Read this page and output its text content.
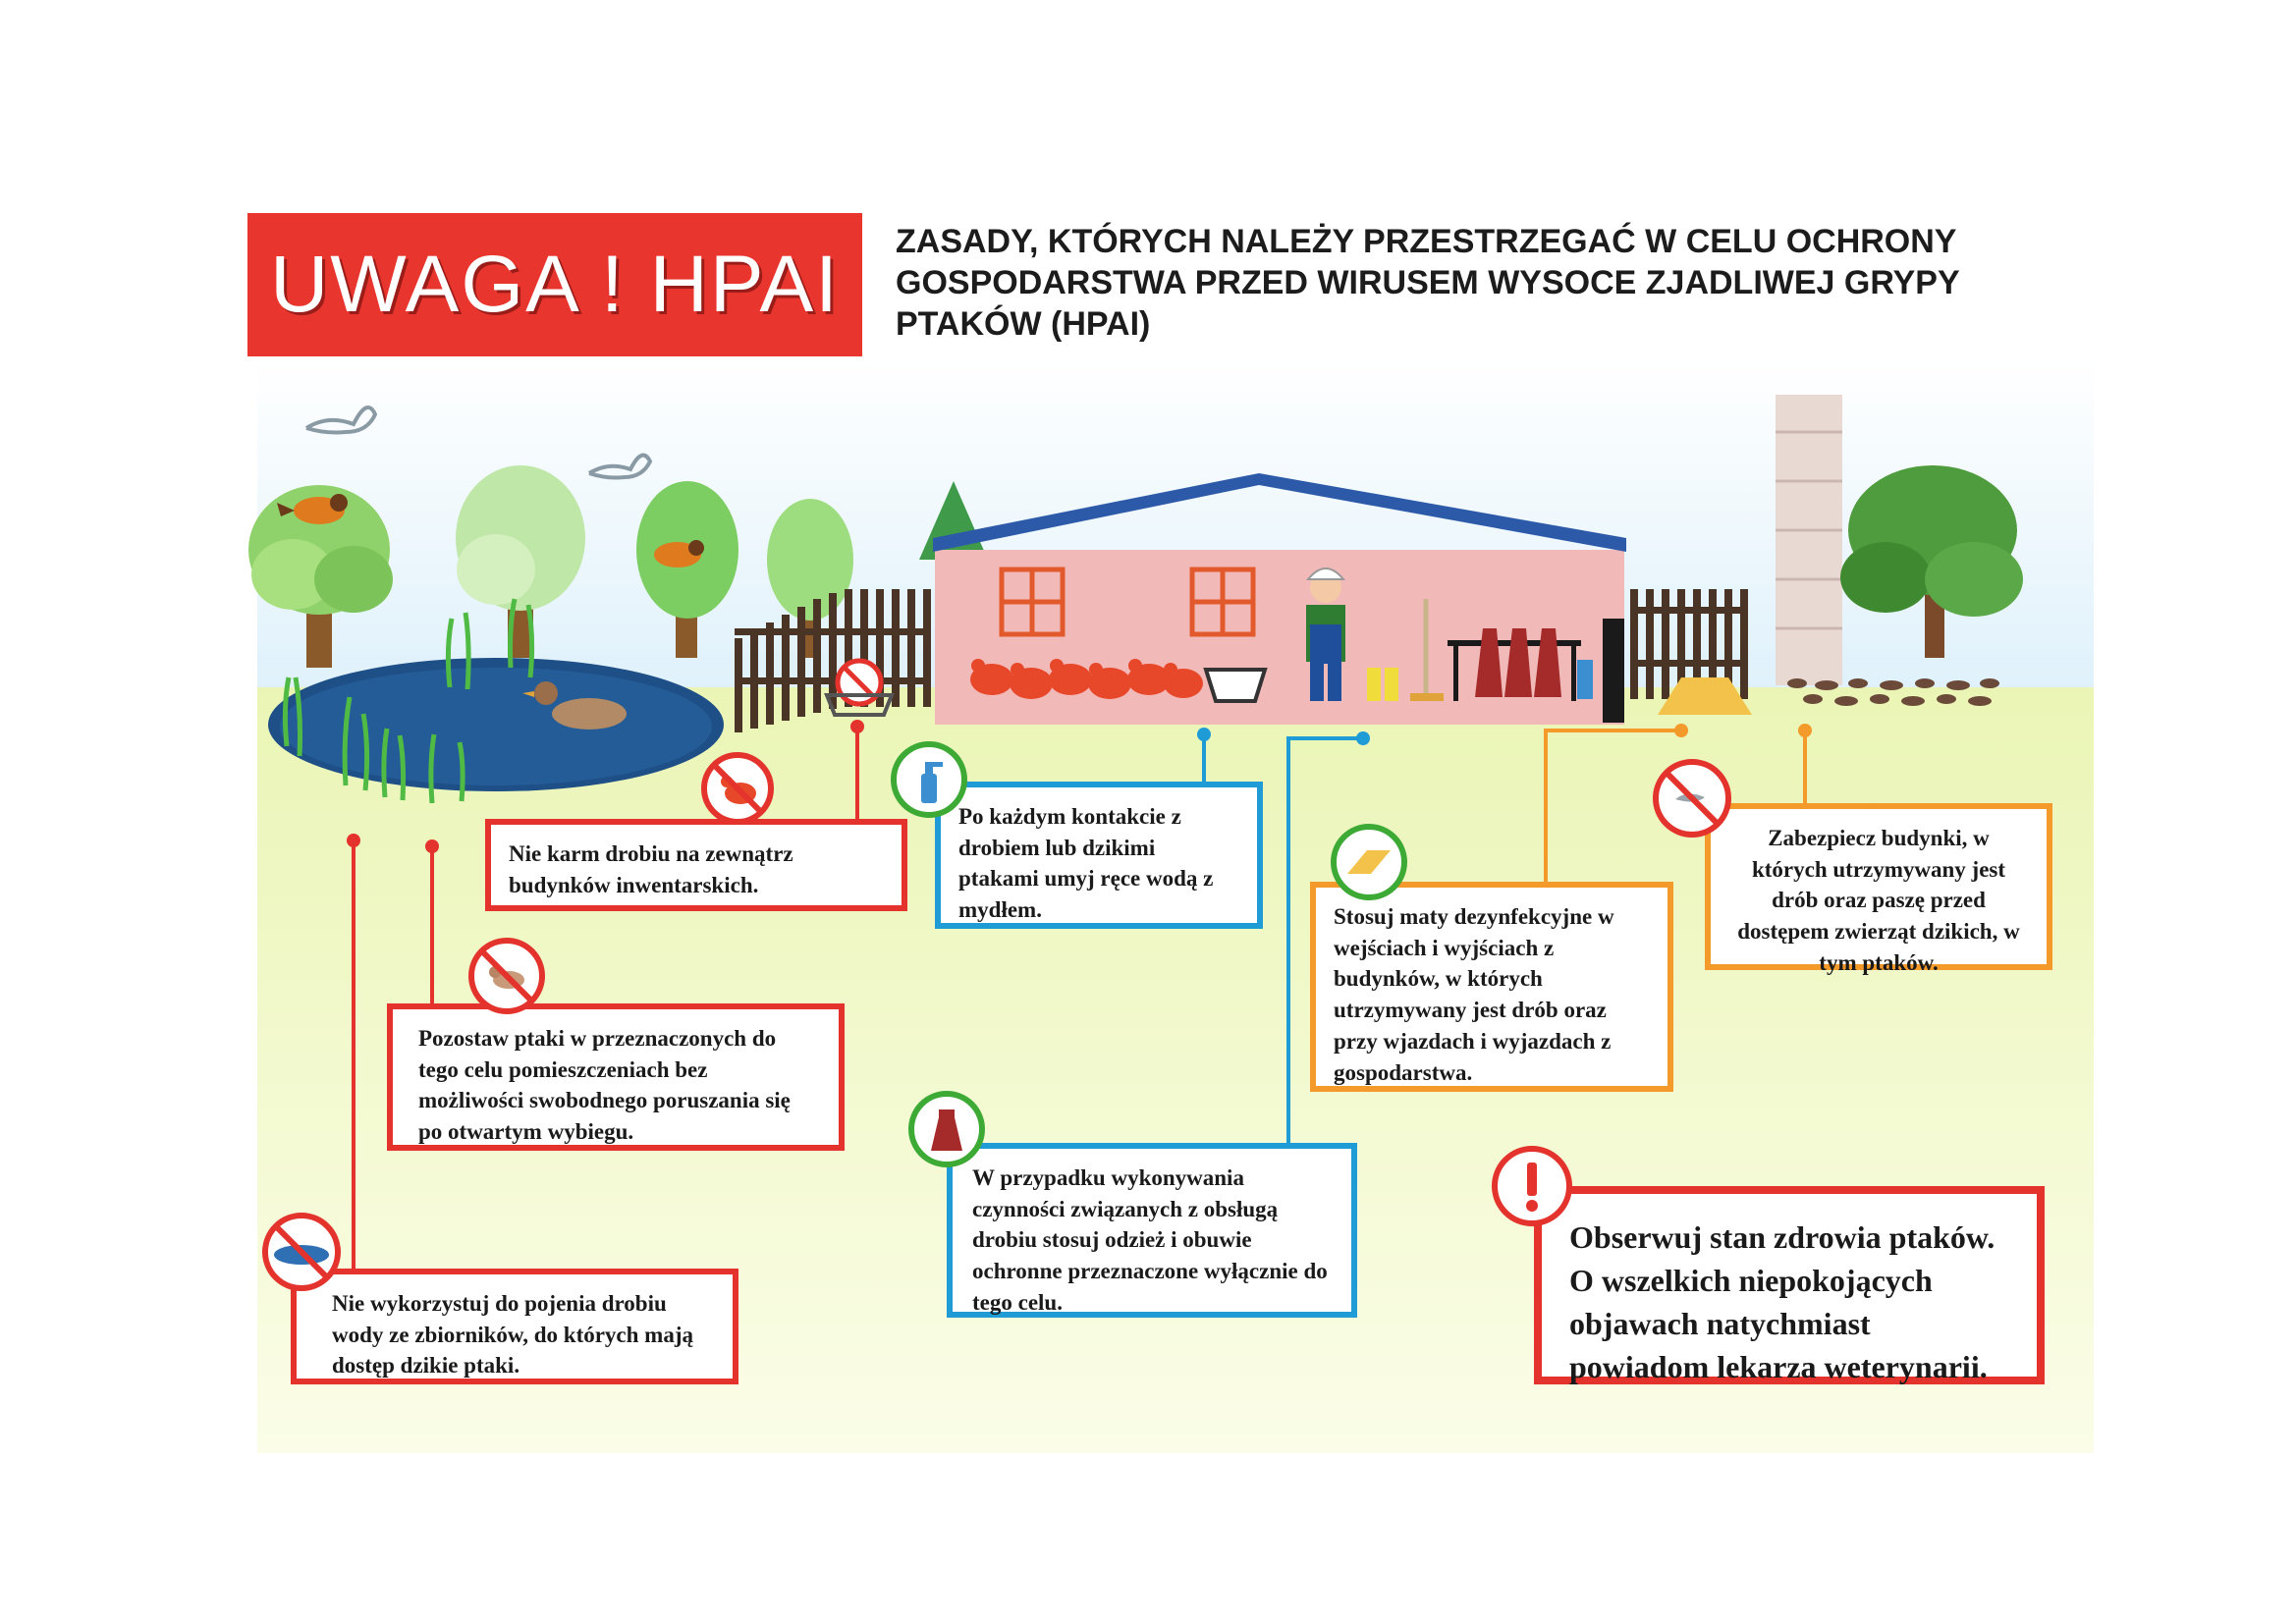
UWAGA ! HPAI ZASADY, KTÓRYCH NALEŻY PRZESTRZEGAĆ W CELU OCHRONY GOSPODARSTWA PRZED WIRUSEM WYSOCE ZJADLIWEJ GRYPY PTAKÓW (HPAI)
Nie karm drobiu na zewnątrz budynków inwentarskich.
Pozostaw ptaki w przeznaczonych do tego celu pomieszczeniach bez możliwości swobodnego poruszania się po otwartym wybiegu.
Nie wykorzystuj do pojenia drobiu wody ze zbiorników, do których mają dostęp dzikie ptaki.
Po każdym kontakcie z drobiem lub dzikimi ptakami umyj ręce wodą z mydłem.
W przypadku wykonywania czynności związanych z obsługą drobiu stosuj odzież i obuwie ochronne przeznaczone wyłącznie do tego celu.
Stosuj maty dezynfekcyjne w wejściach i wyjściach z budynków, w których utrzymywany jest drób oraz przy wjazdach i wyjazdach z gospodarstwa.
Zabezpiecz budynki, w których utrzymywany jest drób oraz paszę przed dostępem zwierząt dzikich, w tym ptaków.
Obserwuj stan zdrowia ptaków. O wszelkich niepokojących objawach natychmiast powiadom lekarza weterynarii.
